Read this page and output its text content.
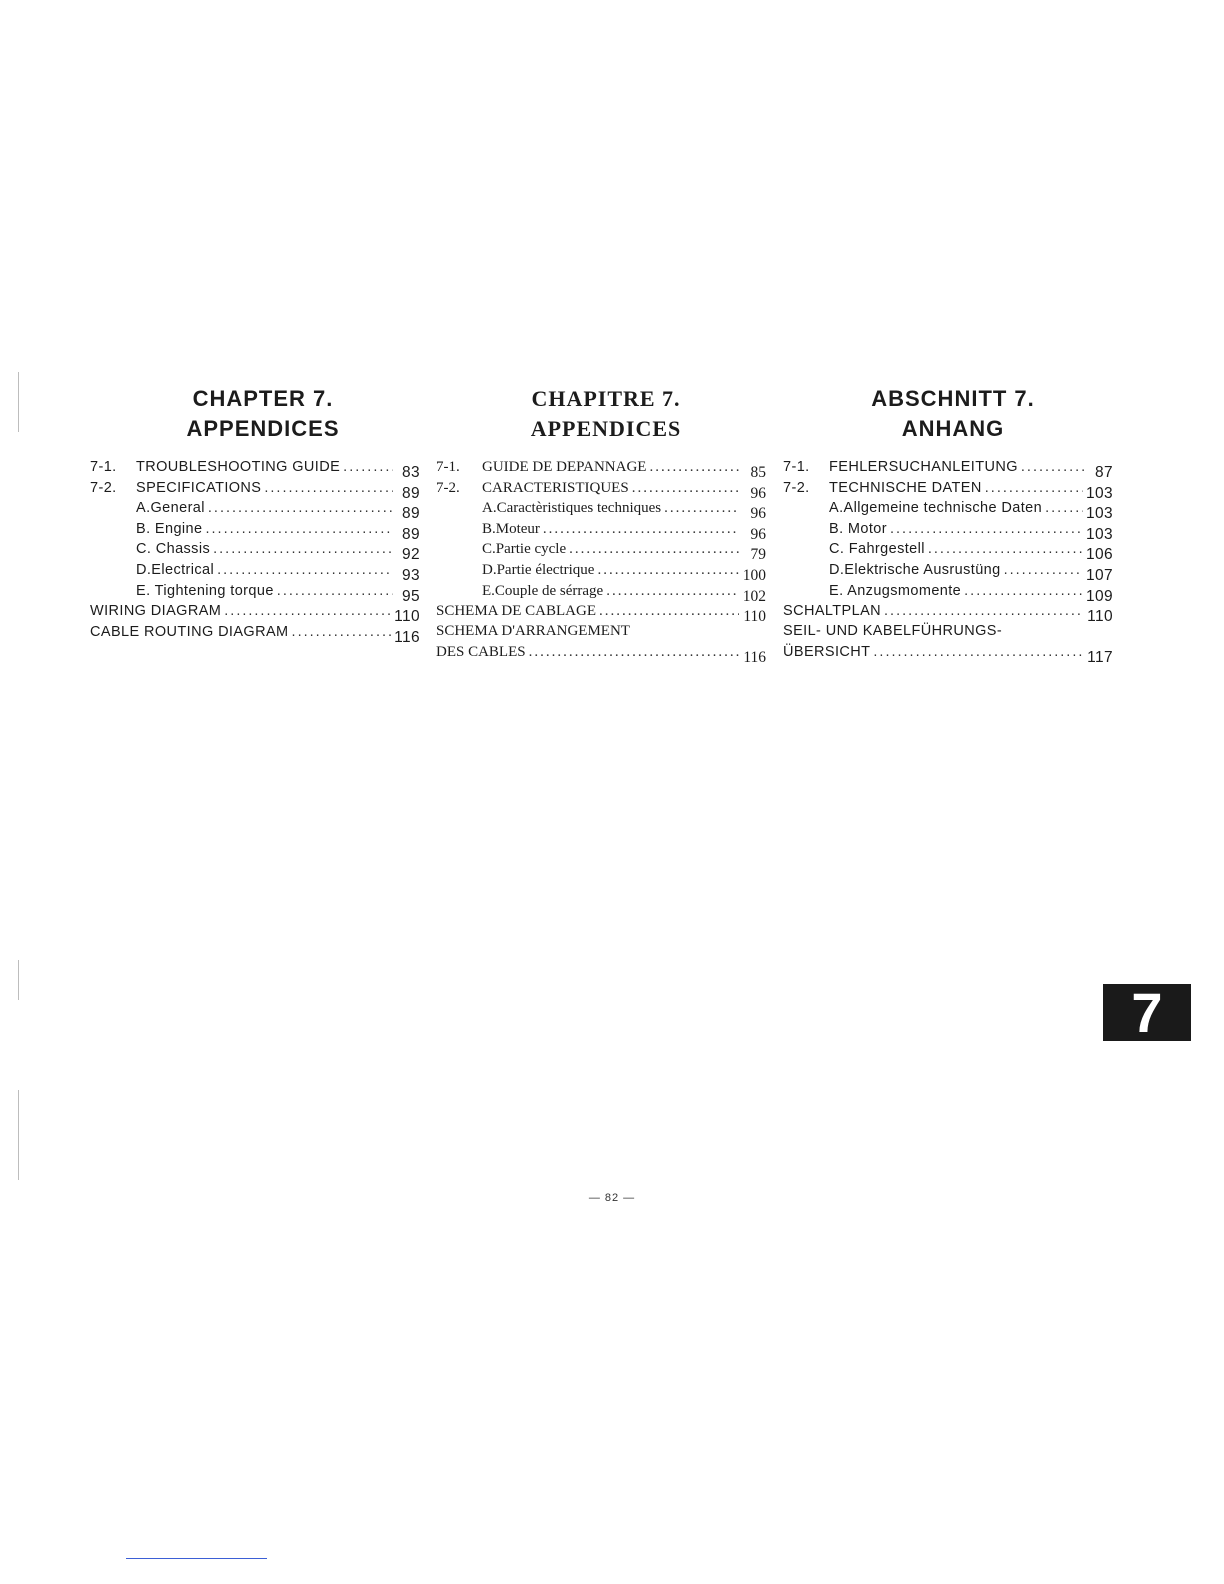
CHAPTER 7.
APPENDICES
7-1.	TROUBLESHOOTING GUIDE .....	83
7-2.	SPECIFICATIONS .....	89
A.General .....	89
B. Engine .....	89
C. Chassis .....	92
D.Electrical .....	93
E. Tightening torque .....	95
WIRING DIAGRAM .....	110
CABLE ROUTING DIAGRAM .....	116
CHAPITRE 7.
APPENDICES
7-1.	GUIDE DE DEPANNAGE .....	85
7-2.	CARACTERISTIQUES .....	96
A.Caractèristiques techniques .....	96
B.Moteur .....	96
C.Partie cycle .....	79
D.Partie électrique .....	100
E.Couple de sérrage .....	102
SCHEMA DE CABLAGE .....	110
SCHEMA D'ARRANGEMENT
DES CABLES .....	116
ABSCHNITT 7.
ANHANG
7-1.	FEHLERSUCHANLEITUNG .....	87
7-2.	TECHNISCHE DATEN .....	103
A.Allgemeine technische Daten .....	103
B. Motor .....	103
C. Fahrgestell .....	106
D.Elektrische Ausrustüng .....	107
E. Anzugsmomente .....	109
SCHALTPLAN .....	110
SEIL- UND KABELFÜHRUNGS-
ÜBERSICHT .....	117
7
— 82 —
